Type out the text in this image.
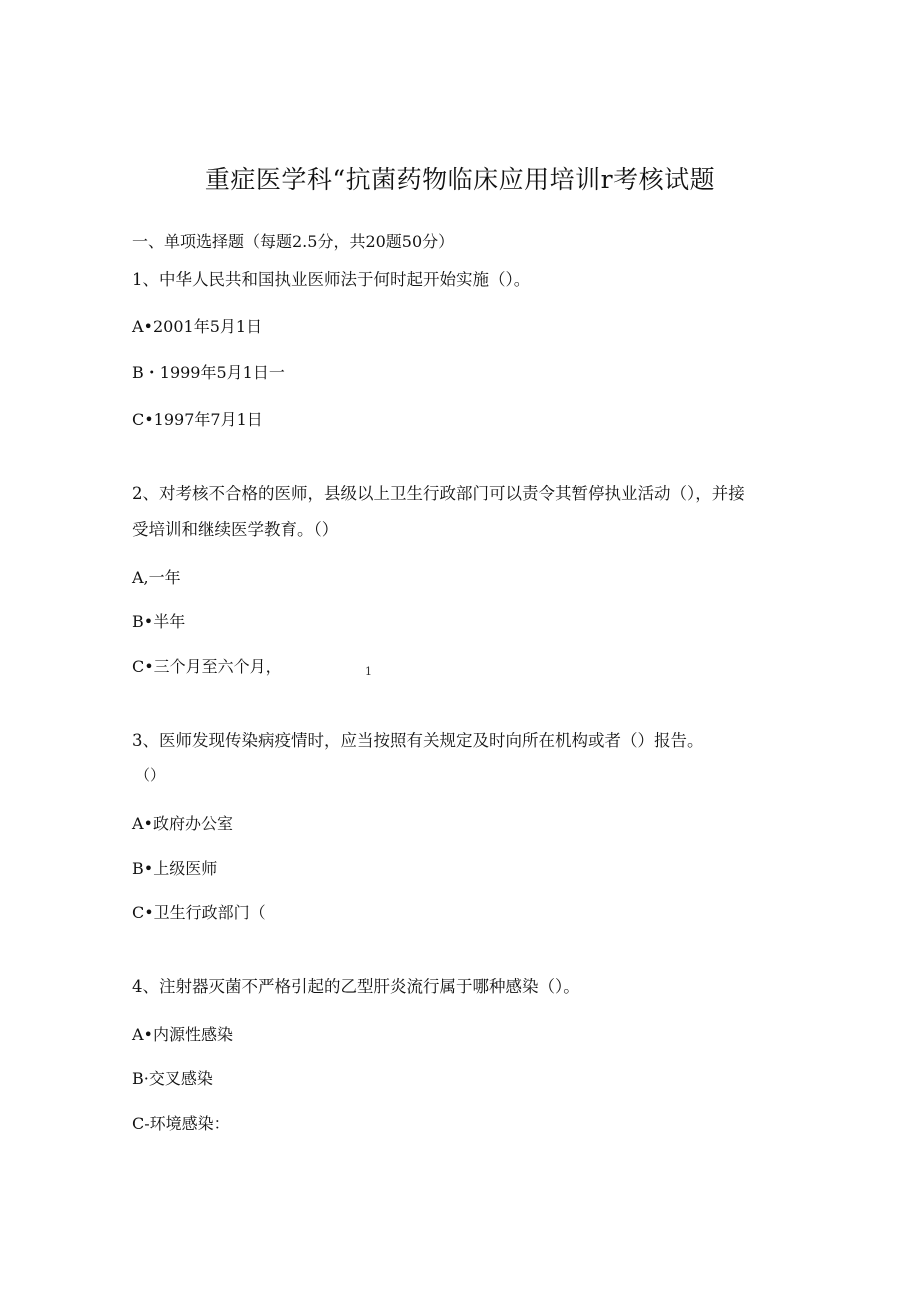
重症医学科“抗菌药物临床应用培训r考核试题
一、单项选择题（每题2.5分，共20题50分）
1、中华人民共和国执业医师法于何时起开始实施（）。
A•2001年5月1日
B・1999年5月1日一
C•1997年7月1日
2、对考核不合格的医师，县级以上卫生行政部门可以责令其暂停执业活动（），并接
受培训和继续医学教育。（）
A,一年
B•半年
C•三个月至六个月，	1
3、医师发现传染病疫情时，应当按照有关规定及时向所在机构或者（）报告。
（）
A•政府办公室
B•上级医师
C•卫生行政部门（
4、注射器灭菌不严格引起的乙型肝炎流行属于哪种感染（）。
A•内源性感染
B·交叉感染
C-环境感染：
